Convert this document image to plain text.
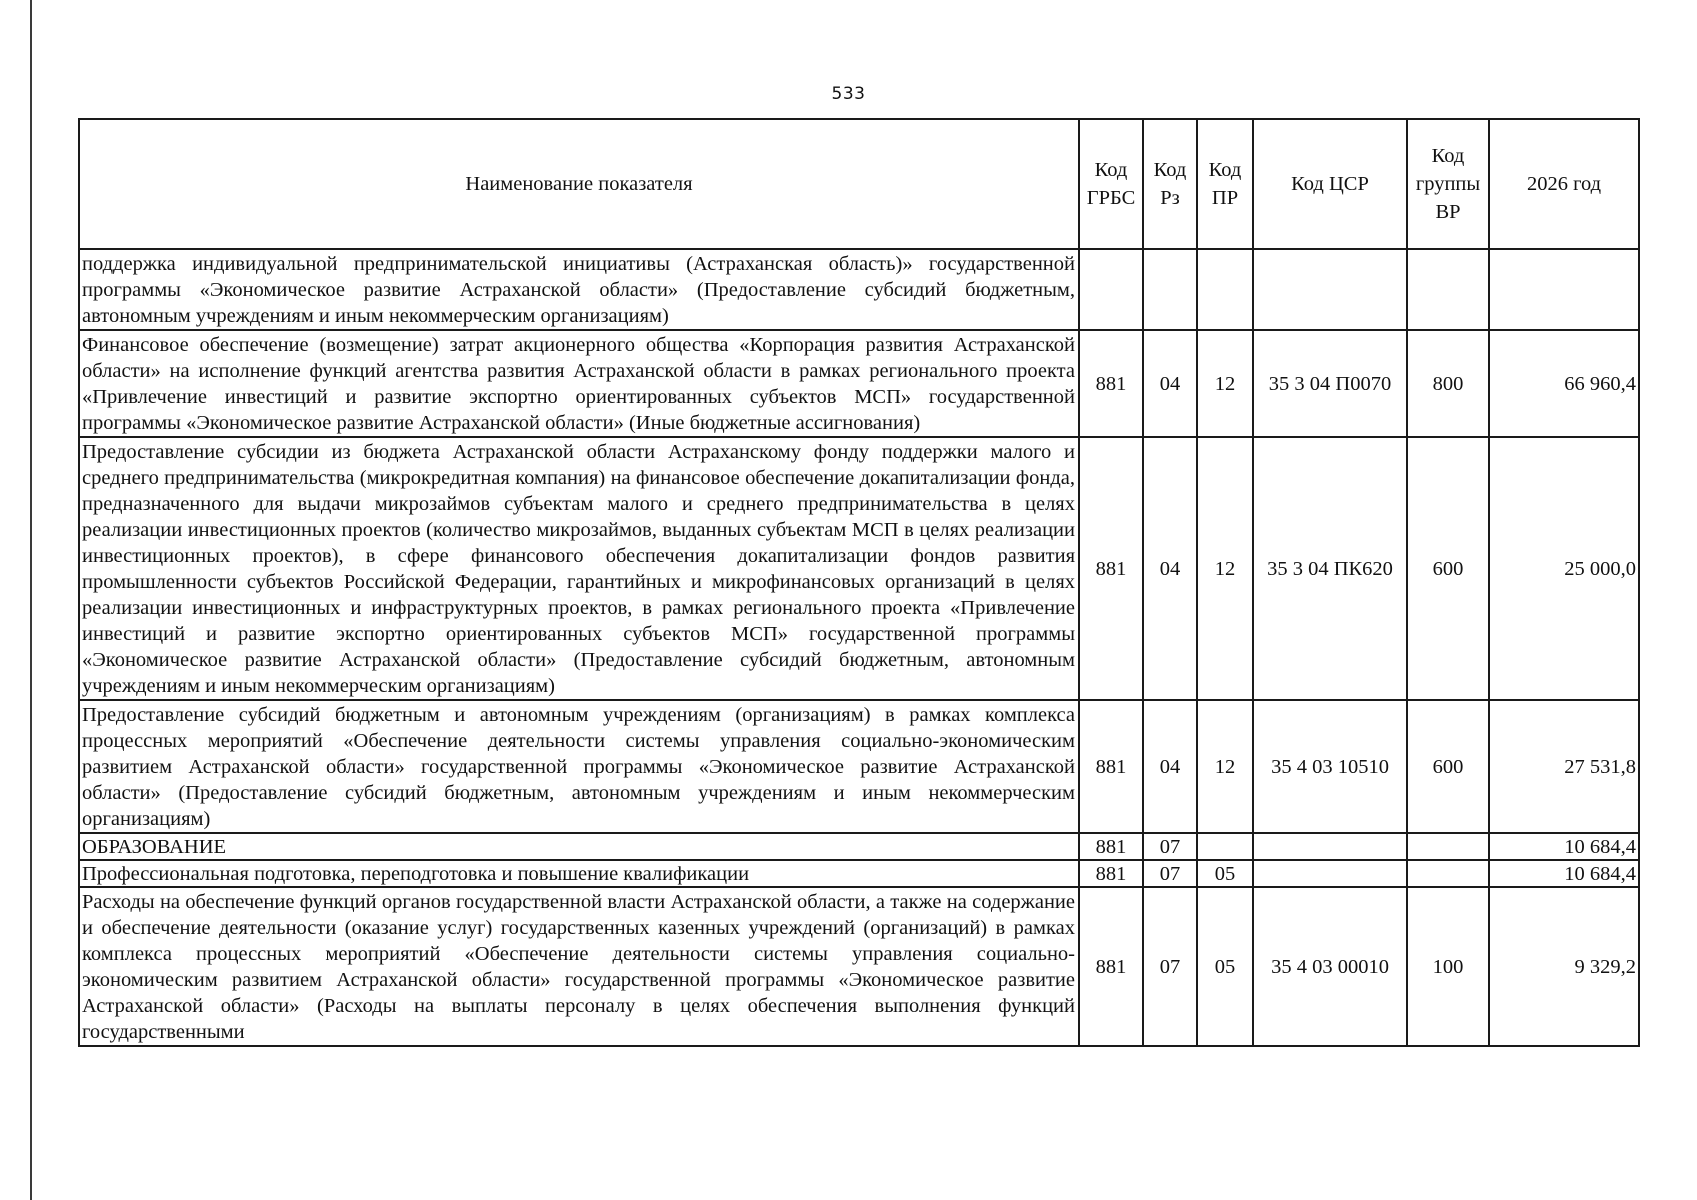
533
Наименование показателя	Код ГРБС	Код Рз	Код ПР	Код ЦСР	Код группы ВР	2026 год
поддержка индивидуальной предпринимательской инициативы (Астраханская область)» государственной программы «Экономическое развитие Астраханской области» (Предоставление субсидий бюджетным, автономным учреждениям и иным некоммерческим организациям)						
Финансовое обеспечение (возмещение) затрат акционерного общества «Корпорация развития Астраханской области» на исполнение функций агентства развития Астраханской области в рамках регионального проекта «Привлечение инвестиций и развитие экспортно ориентированных субъектов МСП» государственной программы «Экономическое развитие Астраханской области» (Иные бюджетные ассигнования)	881	04	12	35 3 04 П0070	800	66 960,4
Предоставление субсидии из бюджета Астраханской области Астраханскому фонду поддержки малого и среднего предпринимательства (микрокредитная компания) на финансовое обеспечение докапитализации фонда, предназначенного для выдачи микрозаймов субъектам малого и среднего предпринимательства в целях реализации инвестиционных проектов (количество микрозаймов, выданных субъектам МСП в целях реализации инвестиционных проектов), в сфере финансового обеспечения докапитализации фондов развития промышленности субъектов Российской Федерации, гарантийных и микрофинансовых организаций в целях реализации инвестиционных и инфраструктурных проектов, в рамках регионального проекта «Привлечение инвестиций и развитие экспортно ориентированных субъектов МСП» государственной программы «Экономическое развитие Астраханской области» (Предоставление субсидий бюджетным, автономным учреждениям и иным некоммерческим организациям)	881	04	12	35 3 04 ПК620	600	25 000,0
Предоставление субсидий бюджетным и автономным учреждениям (организациям) в рамках комплекса процессных мероприятий «Обеспечение деятельности системы управления социально-экономическим развитием Астраханской области» государственной программы «Экономическое развитие Астраханской области» (Предоставление субсидий бюджетным, автономным учреждениям и иным некоммерческим организациям)	881	04	12	35 4 03 10510	600	27 531,8
ОБРАЗОВАНИЕ	881	07				10 684,4
Профессиональная подготовка, переподготовка и повышение квалификации	881	07	05			10 684,4
Расходы на обеспечение функций органов государственной власти Астраханской области, а также на содержание и обеспечение деятельности (оказание услуг) государственных казенных учреждений (организаций) в рамках комплекса процессных мероприятий «Обеспечение деятельности системы управления социально-экономическим развитием Астраханской области» государственной программы «Экономическое развитие Астраханской области» (Расходы на выплаты персоналу в целях обеспечения выполнения функций государственными	881	07	05	35 4 03 00010	100	9 329,2
